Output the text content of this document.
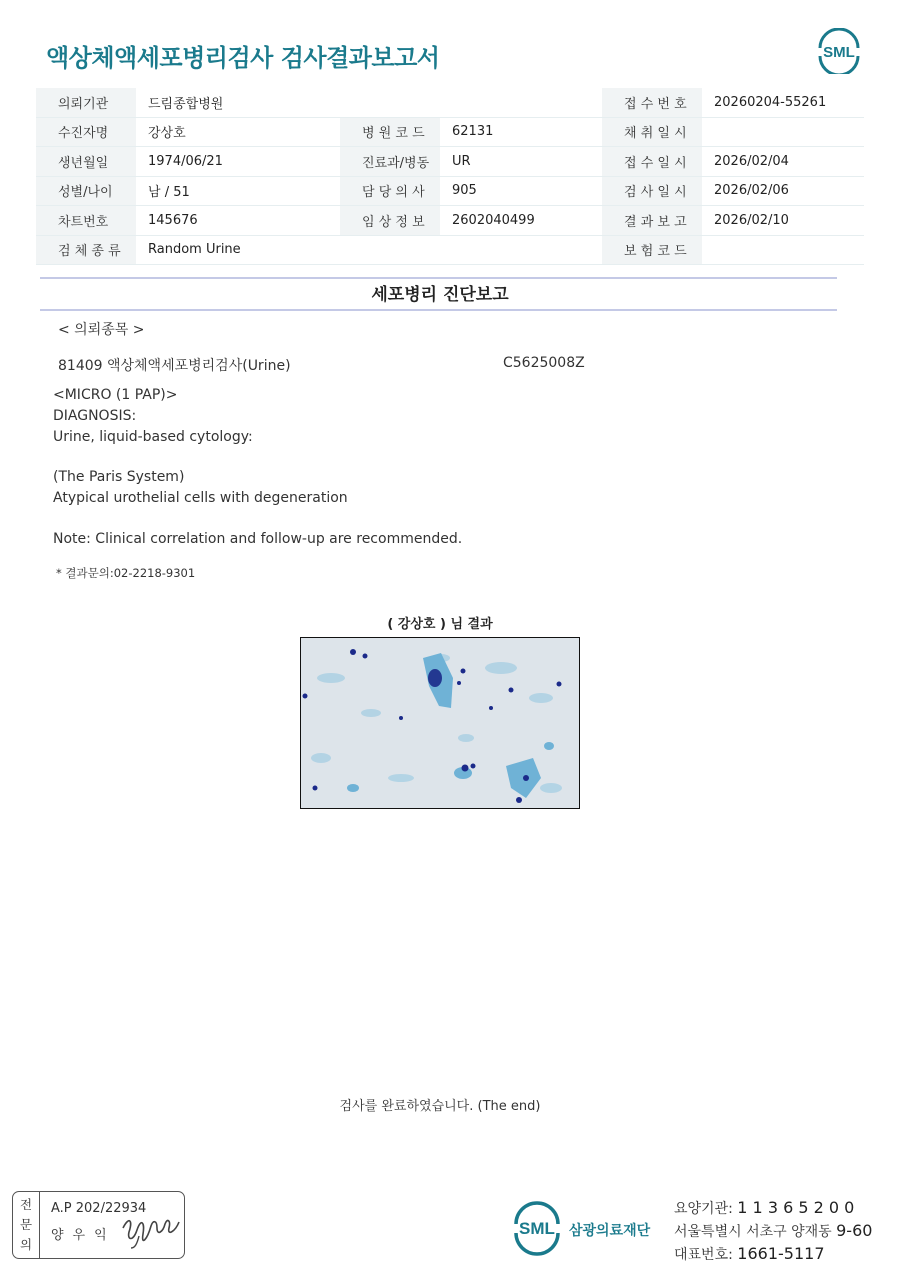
액상체액세포병리검사 검사결과보고서	SML
의뢰기관	드림종합병원			접 수 번 호	20260204-55261
수진자명	강상호	병 원 코 드	62131	채 취 일 시	
생년월일	1974/06/21	진료과/병동	UR	접 수 일 시	2026/02/04
성별/나이	남 / 51	담 당 의 사	905	검 사 일 시	2026/02/06
차트번호	145676	임 상 정 보	2602040499	결 과 보 고	2026/02/10
검 체 종 류	Random Urine			보 험 코 드	
세포병리 진단보고
< 의뢰종목 >
81409 액상체액세포병리검사(Urine)	C5625008Z
<MICRO (1 PAP)>
DIAGNOSIS:
Urine, liquid-based cytology:
(The Paris System)
Atypical urothelial cells with degeneration
Note: Clinical correlation and follow-up are recommended.
* 결과문의:02-2218-9301
( 강상호 ) 님 결과
검사를 완료하였습니다. (The end)
전
문
의
A.P 202/22934
양우익	SML 삼광의료재단
요양기관: 1 1 3 6 5 2 0 0
서울특별시 서초구 양재동 9-60
대표번호: 1661-5117
